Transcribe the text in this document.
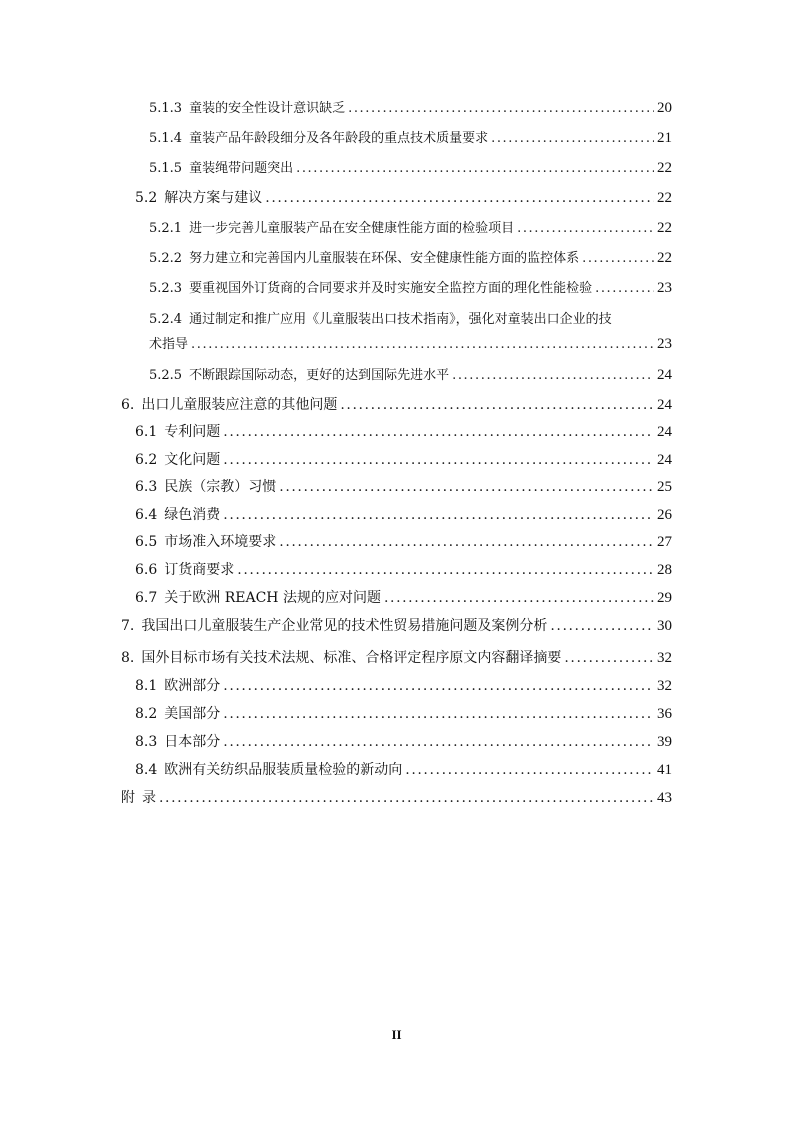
5.1.3 童装的安全性设计意识缺乏 .....	20
5.1.4 童装产品年龄段细分及各年龄段的重点技术质量要求 .....	21
5.1.5 童装绳带问题突出 .....	22
5.2 解决方案与建议 .....	22
5.2.1 进一步完善儿童服装产品在安全健康性能方面的检验项目 .....	22
5.2.2 努力建立和完善国内儿童服装在环保、安全健康性能方面的监控体系 .....	22
5.2.3 要重视国外订货商的合同要求并及时实施安全监控方面的理化性能检验 .....	23
5.2.4 通过制定和推广应用《儿童服装出口技术指南》，强化对童装出口企业的技
术指导 .....	23
5.2.5 不断跟踪国际动态，更好的达到国际先进水平 .....	24
6. 出口儿童服装应注意的其他问题 .....	24
6.1 专利问题 .....	24
6.2 文化问题 .....	24
6.3 民族（宗教）习惯 .....	25
6.4 绿色消费 .....	26
6.5 市场准入环境要求 .....	27
6.6 订货商要求 .....	28
6.7 关于欧洲 REACH 法规的应对问题 .....	29
7. 我国出口儿童服装生产企业常见的技术性贸易措施问题及案例分析 .....	30
8. 国外目标市场有关技术法规、标准、合格评定程序原文内容翻译摘要 .....	32
8.1 欧洲部分 .....	32
8.2 美国部分 .....	36
8.3 日本部分 .....	39
8.4 欧洲有关纺织品服装质量检验的新动向 .....	41
附 录 .....	43
II
